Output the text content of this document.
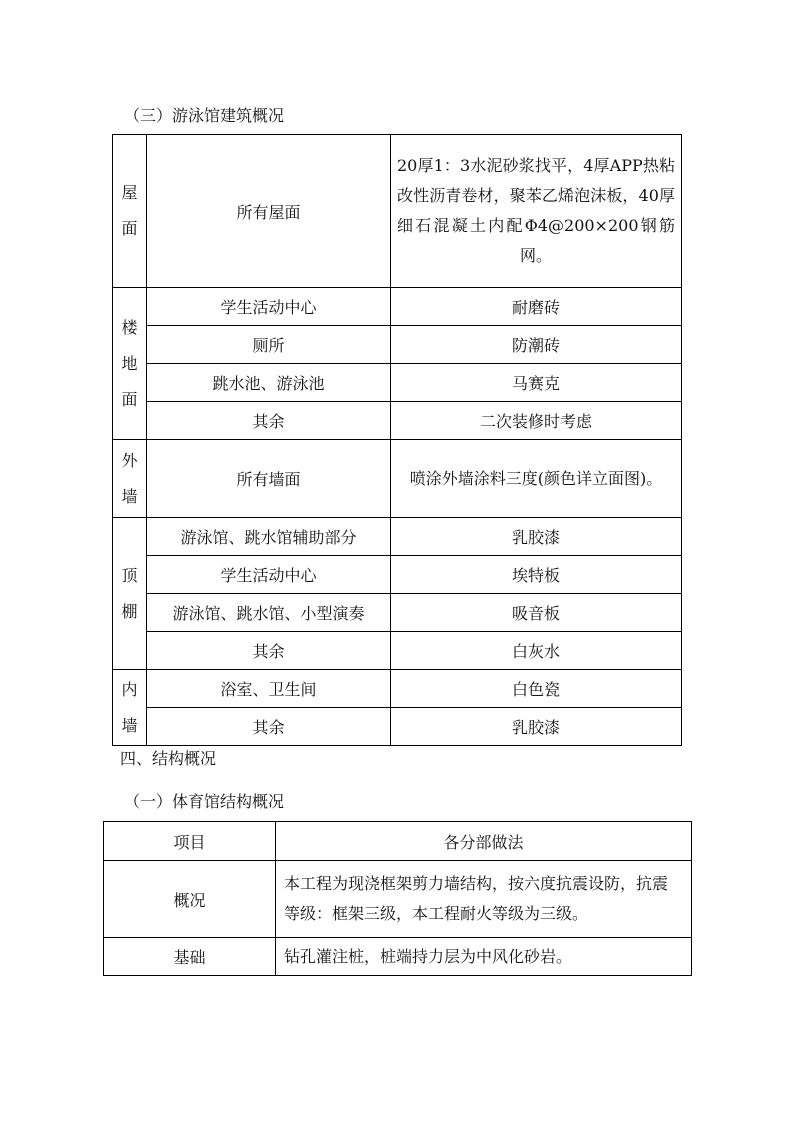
（三）游泳馆建筑概况
屋面	所有屋面	20厚1：3水泥砂浆找平，4厚APP热粘改性沥青卷材，聚苯乙烯泡沫板，40厚细石混凝土内配Φ4@200×200钢筋网。
楼地面	学生活动中心	耐磨砖
	厕所	防潮砖
	跳水池、游泳池	马赛克
	其余	二次装修时考虑
外墙	所有墙面	喷涂外墙涂料三度(颜色详立面图)。
顶棚	游泳馆、跳水馆辅助部分	乳胶漆
	学生活动中心	埃特板
	游泳馆、跳水馆、小型演奏	吸音板
	其余	白灰水
内墙	浴室、卫生间	白色瓷
	其余	乳胶漆
四、结构概况
（一）体育馆结构概况
项目	各分部做法
概况	本工程为现浇框架剪力墙结构，按六度抗震设防，抗震等级：框架三级，本工程耐火等级为三级。
基础	钻孔灌注桩，桩端持力层为中风化砂岩。
